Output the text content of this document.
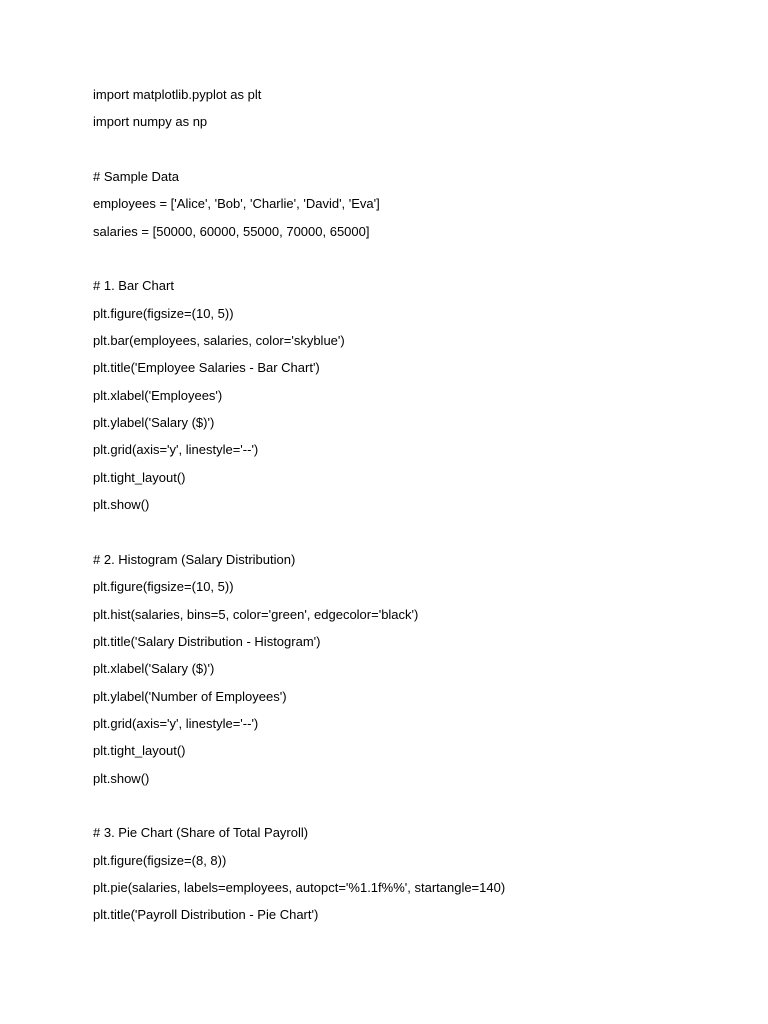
import matplotlib.pyplot as plt
import numpy as np
# Sample Data
employees = ['Alice', 'Bob', 'Charlie', 'David', 'Eva']
salaries = [50000, 60000, 55000, 70000, 65000]
# 1. Bar Chart
plt.figure(figsize=(10, 5))
plt.bar(employees, salaries, color='skyblue')
plt.title('Employee Salaries - Bar Chart')
plt.xlabel('Employees')
plt.ylabel('Salary ($)')
plt.grid(axis='y', linestyle='--')
plt.tight_layout()
plt.show()
# 2. Histogram (Salary Distribution)
plt.figure(figsize=(10, 5))
plt.hist(salaries, bins=5, color='green', edgecolor='black')
plt.title('Salary Distribution - Histogram')
plt.xlabel('Salary ($)')
plt.ylabel('Number of Employees')
plt.grid(axis='y', linestyle='--')
plt.tight_layout()
plt.show()
# 3. Pie Chart (Share of Total Payroll)
plt.figure(figsize=(8, 8))
plt.pie(salaries, labels=employees, autopct='%1.1f%%', startangle=140)
plt.title('Payroll Distribution - Pie Chart')
